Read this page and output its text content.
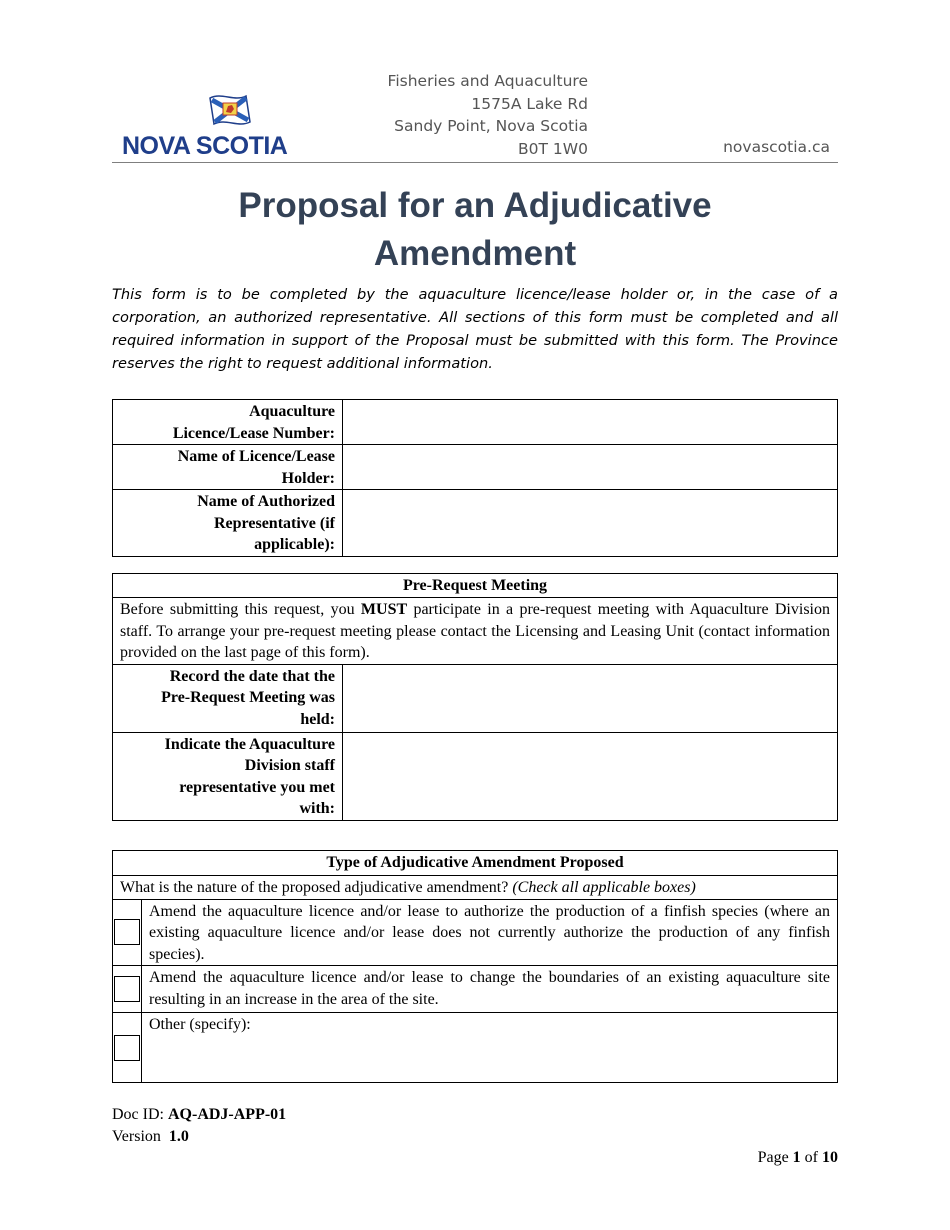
NOVA SCOTIA
Fisheries and Aquaculture
1575A Lake Rd
Sandy Point, Nova Scotia
B0T 1W0	novascotia.ca
Proposal for an Adjudicative
Amendment
This form is to be completed by the aquaculture licence/lease holder or, in the case of a corporation, an authorized representative. All sections of this form must be completed and all required information in support of the Proposal must be submitted with this form. The Province reserves the right to request additional information.
Aquaculture
Licence/Lease Number:	

Name of Licence/Lease
Holder:	

Name of Authorized
Representative (if
applicable):	

Pre-Request Meeting	
Before submitting this request, you MUST participate in a pre-request meeting with Aquaculture Division staff. To arrange your pre-request meeting please contact the Licensing and Leasing Unit (contact information provided on the last page of this form).	

Record the date that the
Pre-Request Meeting was
held:	

Indicate the Aquaculture
Division staff
representative you met
with:	

Type of Adjudicative Amendment Proposed	
What is the nature of the proposed adjudicative amendment? (Check all applicable boxes)	
	Amend the aquaculture licence and/or lease to authorize the production of a finfish species (where an existing aquaculture licence and/or lease does not currently authorize the production of any finfish species).
	Amend the aquaculture licence and/or lease to change the boundaries of an existing aquaculture site resulting in an increase in the area of the site.
	Other (specify):
Doc ID: AQ-ADJ-APP-01
Version  1.0
Page 1 of 10
